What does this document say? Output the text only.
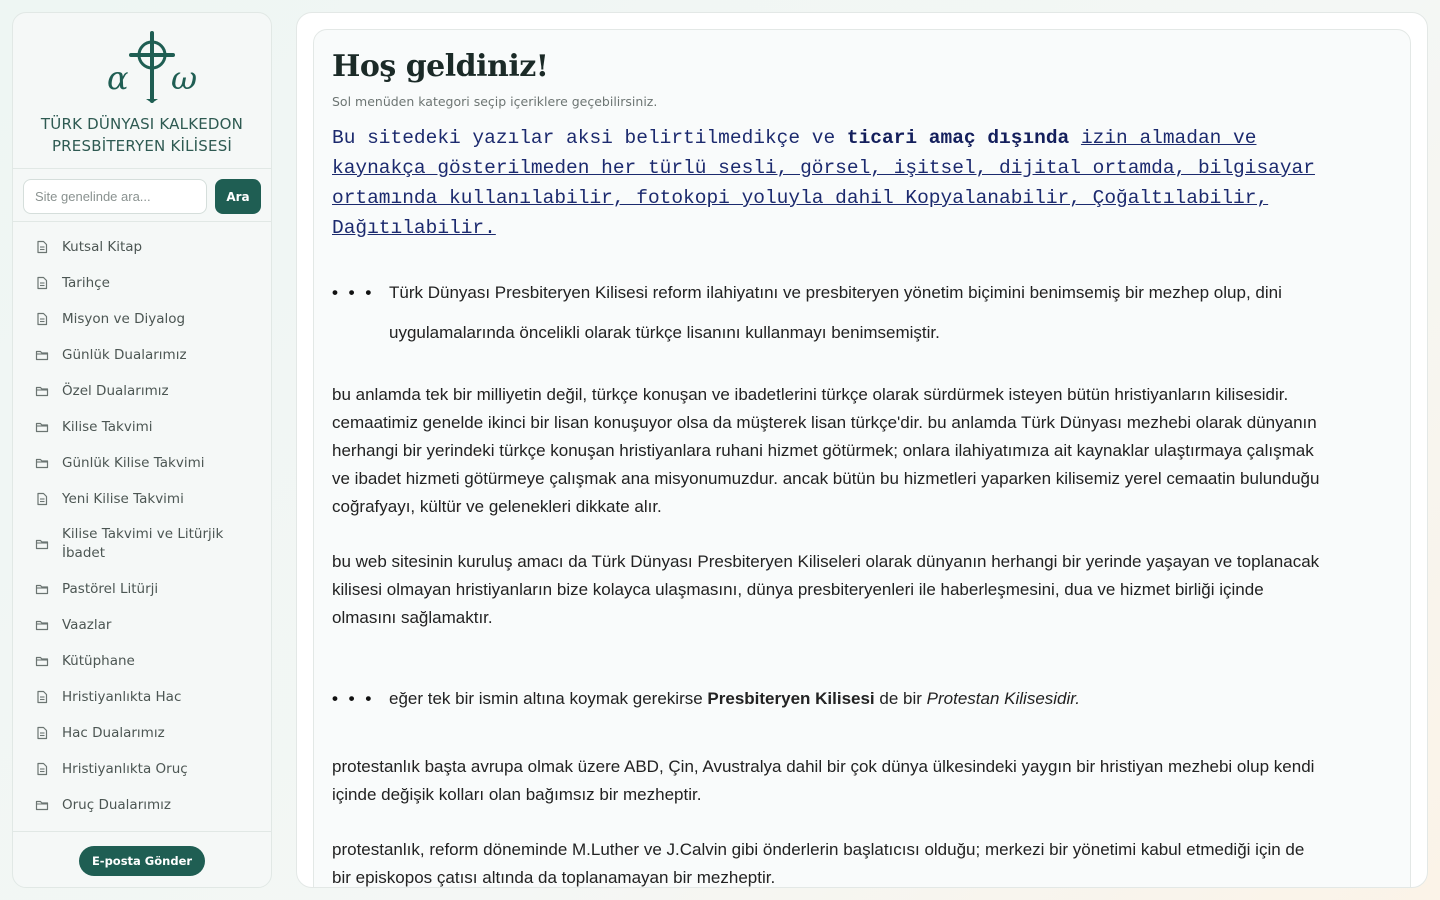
α ω
TÜRK DÜNYASI KALKEDON
PRESBİTERYEN KİLİSESİ
Site genelinde ara...
Ara
Kutsal Kitap
Tarihçe
Misyon ve Diyalog
Günlük Dualarımız
Özel Dualarımız
Kilise Takvimi
Günlük Kilise Takvimi
Yeni Kilise Takvimi
Kilise Takvimi ve Litürjik İbadet
Pastörel Litürji
Vaazlar
Kütüphane
Hristiyanlıkta Hac
Hac Dualarımız
Hristiyanlıkta Oruç
Oruç Dualarımız
E-posta Gönder
Hoş geldiniz!
Sol menüden kategori seçip içeriklere geçebilirsiniz.
Bu sitedeki yazılar aksi belirtilmedikçe ve ticari amaç dışında izin almadan ve kaynakça gösterilmeden her türlü sesli, görsel, işitsel, dijital ortamda, bilgisayar ortamında kullanılabilir, fotokopi yoluyla dahil Kopyalanabilir, Çoğaltılabilir, Dağıtılabilir.
• • • Türk Dünyası Presbiteryen Kilisesi reform ilahiyatını ve presbiteryen yönetim biçimini benimsemiş bir mezhep olup, dini uygulamalarında öncelikli olarak türkçe lisanını kullanmayı benimsemiştir.

bu anlamda tek bir milliyetin değil, türkçe konuşan ve ibadetlerini türkçe olarak sürdürmek isteyen bütün hristiyanların kilisesidir. cemaatimiz genelde ikinci bir lisan konuşuyor olsa da müşterek lisan türkçe'dir. bu anlamda Türk Dünyası mezhebi olarak dünyanın herhangi bir yerindeki türkçe konuşan hristiyanlara ruhani hizmet götürmek; onlara ilahiyatımıza ait kaynaklar ulaştırmaya çalışmak ve ibadet hizmeti götürmeye çalışmak ana misyonumuzdur. ancak bütün bu hizmetleri yaparken kilisemiz yerel cemaatin bulunduğu coğrafyayı, kültür ve gelenekleri dikkate alır.

bu web sitesinin kuruluş amacı da Türk Dünyası Presbiteryen Kiliseleri olarak dünyanın herhangi bir yerinde yaşayan ve toplanacak kilisesi olmayan hristiyanların bize kolayca ulaşmasını, dünya presbiteryenleri ile haberleşmesini, dua ve hizmet birliği içinde olmasını sağlamaktır.

• • • eğer tek bir ismin altına koymak gerekirse Presbiteryen Kilisesi de bir Protestan Kilisesidir.

protestanlık başta avrupa olmak üzere ABD, Çin, Avustralya dahil bir çok dünya ülkesindeki yaygın bir hristiyan mezhebi olup kendi içinde değişik kolları olan bağımsız bir mezheptir.

protestanlık, reform döneminde M.Luther ve J.Calvin gibi önderlerin başlatıcısı olduğu; merkezi bir yönetimi kabul etmediği için de bir episkopos çatısı altında da toplanamayan bir mezheptir.
